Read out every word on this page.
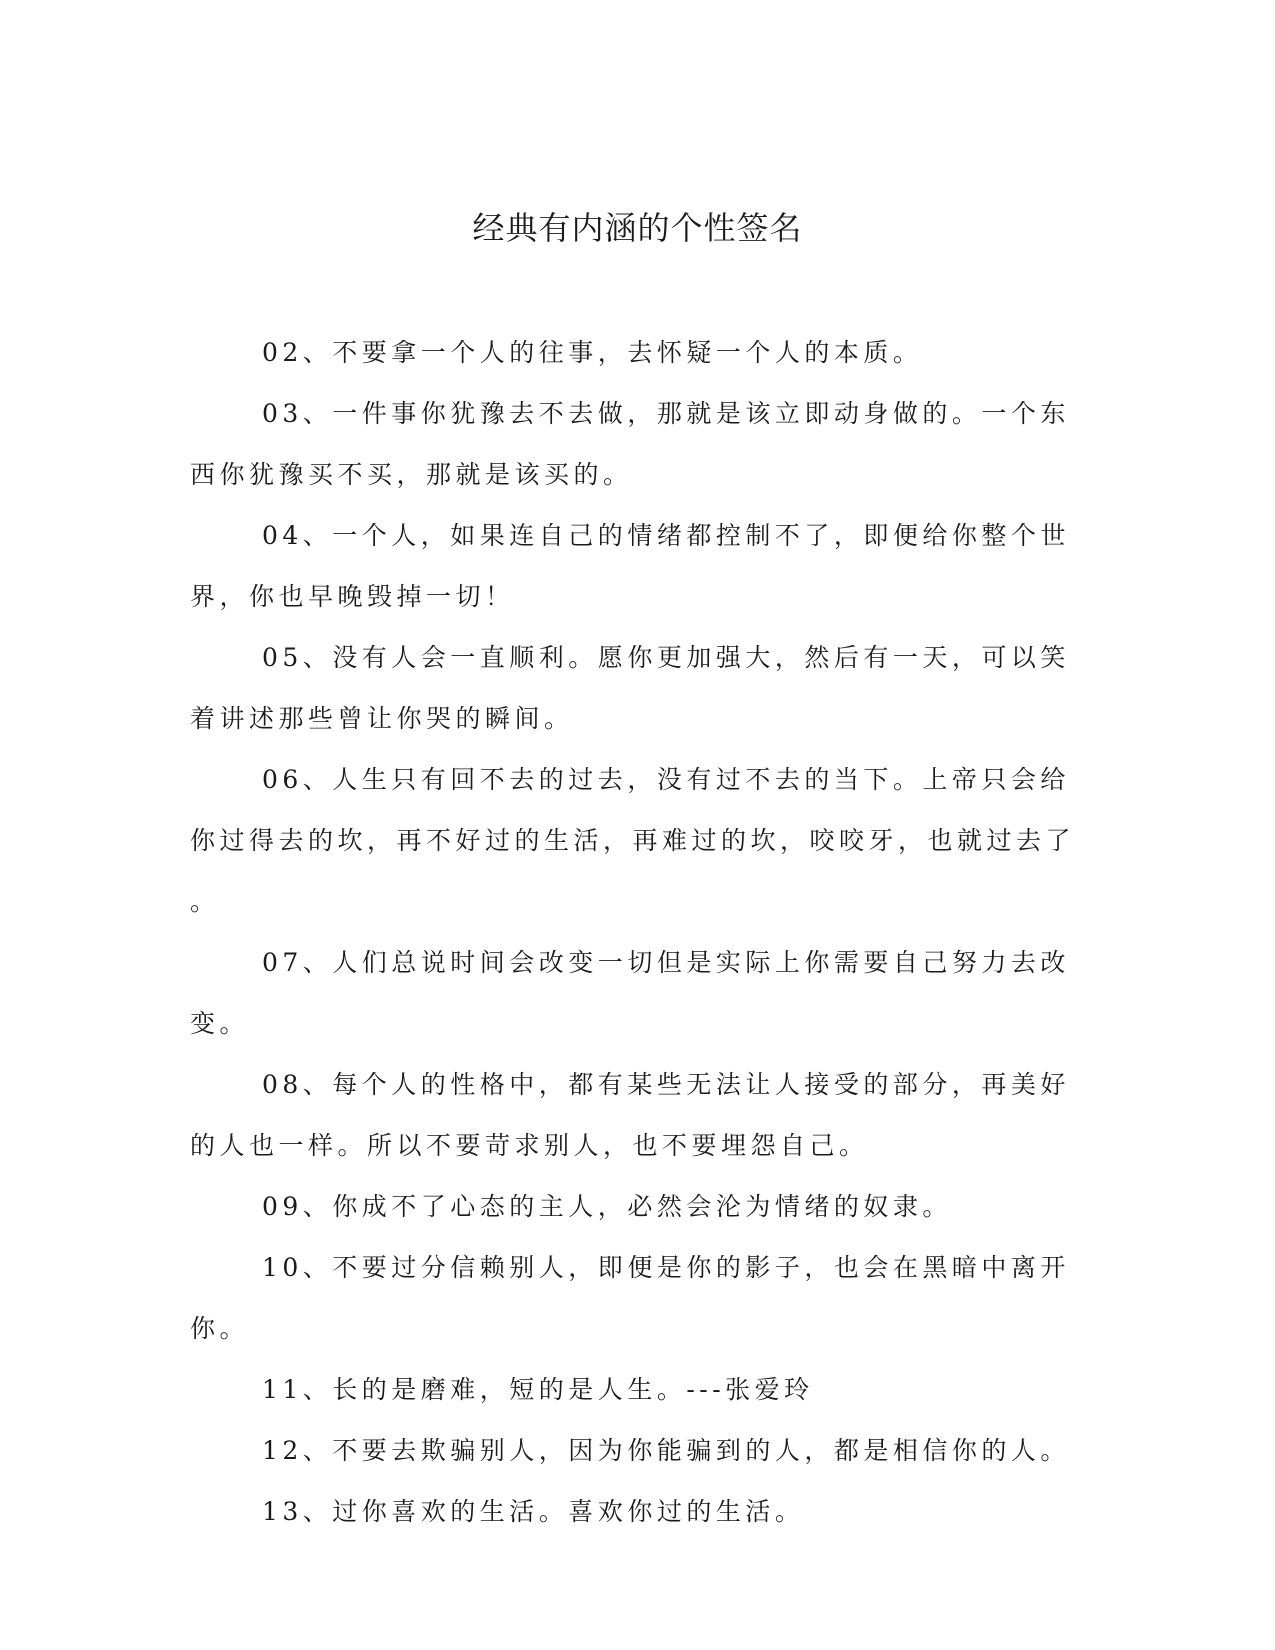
经典有内涵的个性签名

02、不要拿一个人的往事，去怀疑一个人的本质。

03、一件事你犹豫去不去做，那就是该立即动身做的。一个东西你犹豫买不买，那就是该买的。

04、一个人，如果连自己的情绪都控制不了，即便给你整个世界，你也早晚毁掉一切！

05、没有人会一直顺利。愿你更加强大，然后有一天，可以笑着讲述那些曾让你哭的瞬间。

06、人生只有回不去的过去，没有过不去的当下。上帝只会给你过得去的坎，再不好过的生活，再难过的坎，咬咬牙，也就过去了。

07、人们总说时间会改变一切但是实际上你需要自己努力去改变。

08、每个人的性格中，都有某些无法让人接受的部分，再美好的人也一样。所以不要苛求别人，也不要埋怨自己。

09、你成不了心态的主人，必然会沦为情绪的奴隶。

10、不要过分信赖别人，即便是你的影子，也会在黑暗中离开你。

11、长的是磨难，短的是人生。---张爱玲

12、不要去欺骗别人，因为你能骗到的人，都是相信你的人。

13、过你喜欢的生活。喜欢你过的生活。
